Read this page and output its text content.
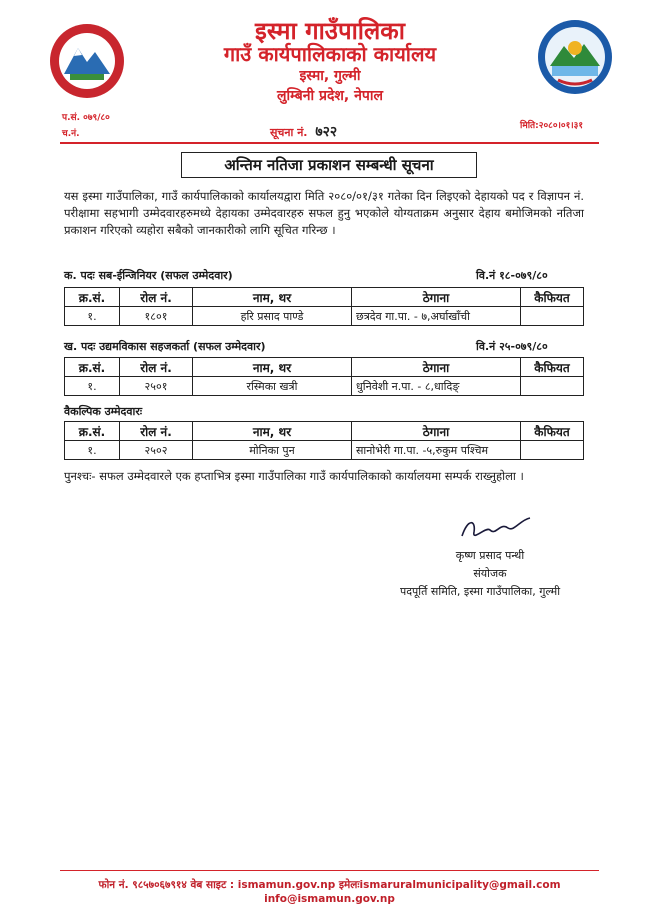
इस्मा गाउँपालिका
गाउँ कार्यपालिकाको कार्यालय
इस्मा, गुल्मी
लुम्बिनी प्रदेश, नेपाल
प.सं. ०७९/८०
च.नं.	सूचना नं. ७२२	मिति:२०८०।०१।३१
अन्तिम नतिजा प्रकाशन सम्बन्धी सूचना
यस इस्मा गाउँपालिका, गाउँ कार्यपालिकाको कार्यालयद्वारा मिति २०८०/०१/३१ गतेका दिन लिइएको देहायको पद र विज्ञापन नं. परीक्षामा सहभागी उम्मेदवारहरुमध्ये देहायका उम्मेदवारहरु सफल हुनु भएकोले योग्यताक्रम अनुसार देहाय बमोजिमको नतिजा प्रकाशन गरिएको व्यहोरा सबैको जानकारीको लागि सूचित गरिन्छ ।
क. पदः सब-ईन्जिनियर (सफल उम्मेदवार)	वि.नं १८-०७९/८०
क्र.सं.	रोल नं.	नाम, थर	ठेगाना	कैफियत
१.	१८०१	हरि प्रसाद पाण्डे	छत्रदेव गा.पा. - ७,अर्घाखाँची	
ख. पदः उद्यमविकास सहजकर्ता (सफल उम्मेदवार)	वि.नं २५-०७९/८०
क्र.सं.	रोल नं.	नाम, थर	ठेगाना	कैफियत
१.	२५०१	रस्मिका खत्री	धुनिवेशी न.पा. - ८,धादिङ्	
वैकल्पिक उम्मेदवारः
क्र.सं.	रोल नं.	नाम, थर	ठेगाना	कैफियत
१.	२५०२	मोनिका पुन	सानोभेरी गा.पा. -५,रुकुम पश्चिम	
पुनश्चः- सफल उम्मेदवारले एक हप्ताभित्र इस्मा गाउँपालिका गाउँ कार्यपालिकाको कार्यालयमा सम्पर्क राख्नुहोला ।
कृष्ण प्रसाद पन्थी
संयोजक
पदपूर्ति समिति, इस्मा गाउँपालिका, गुल्मी
फोन नं. ९८५७०६७९१४ वेब साइट : ismamun.gov.np इमेलःismaruralmunicipality@gmail.com
info@ismamun.gov.np
